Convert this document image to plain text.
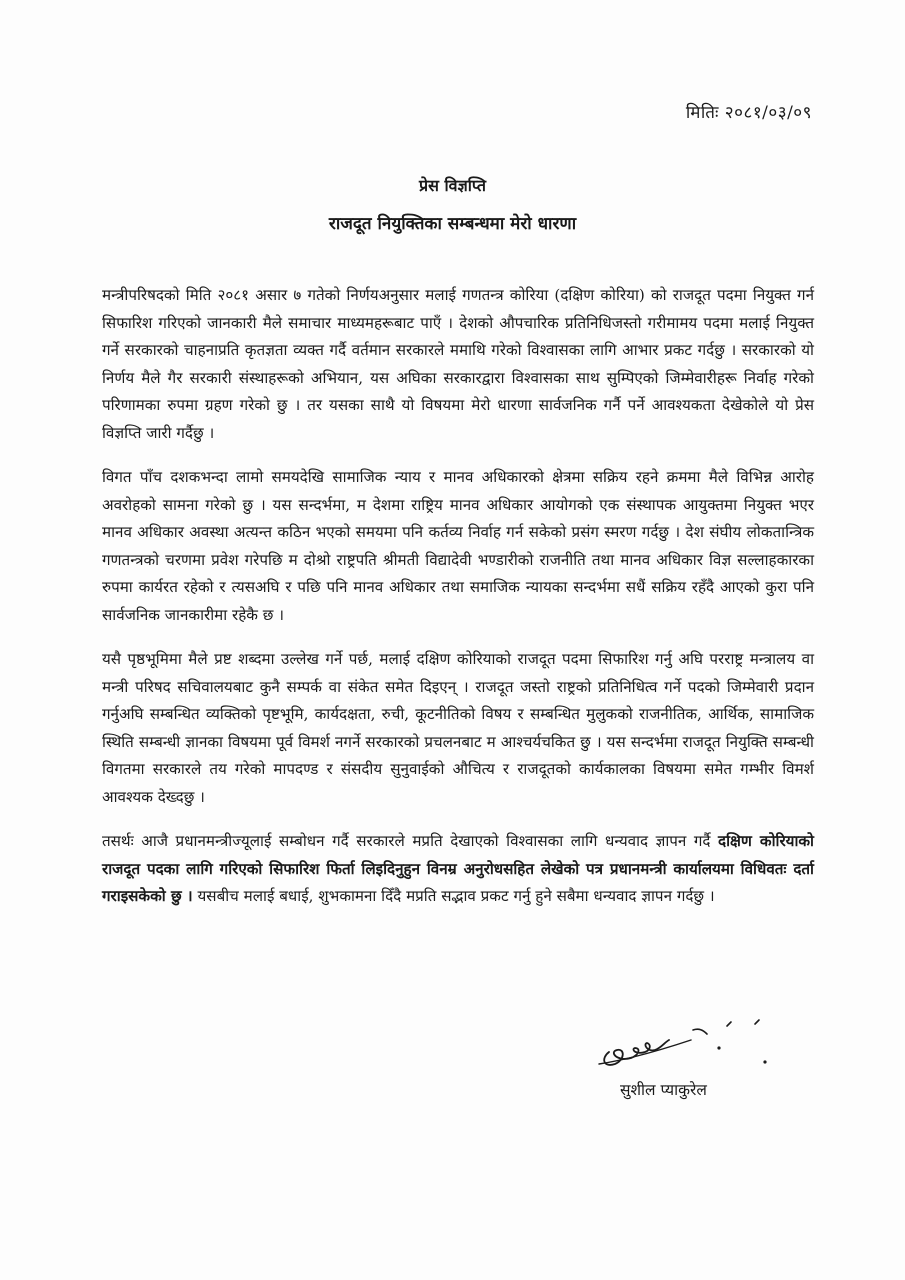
मितिः २०८१/०३/०९
प्रेस विज्ञप्ति
राजदूत नियुक्तिका सम्बन्धमा मेरो धारणा

मन्त्रीपरिषदको मिति २०८१ असार ७ गतेको निर्णयअनुसार मलाई गणतन्त्र कोरिया (दक्षिण कोरिया) को राजदूत पदमा नियुक्त गर्न सिफारिश गरिएको जानकारी मैले समाचार माध्यमहरूबाट पाएँ । देशको औपचारिक प्रतिनिधिजस्तो गरीमामय पदमा मलाई नियुक्त गर्ने सरकारको चाहनाप्रति कृतज्ञता व्यक्त गर्दै वर्तमान सरकारले ममाथि गरेको विश्वासका लागि आभार प्रकट गर्दछु । सरकारको यो निर्णय मैले गैर सरकारी संस्थाहरूको अभियान, यस अघिका सरकारद्वारा विश्वासका साथ सुम्पिएको जिम्मेवारीहरू निर्वाह गरेको परिणामका रुपमा ग्रहण गरेको छु । तर यसका साथै यो विषयमा मेरो धारणा सार्वजनिक गर्नै पर्ने आवश्यकता देखेकोले यो प्रेस विज्ञप्ति जारी गर्दैछु ।

विगत पाँच दशकभन्दा लामो समयदेखि सामाजिक न्याय र मानव अधिकारको क्षेत्रमा सक्रिय रहने क्रममा मैले विभिन्न आरोह अवरोहको सामना गरेको छु । यस सन्दर्भमा, म देशमा राष्ट्रिय मानव अधिकार आयोगको एक संस्थापक आयुक्तमा नियुक्त भएर मानव अधिकार अवस्था अत्यन्त कठिन भएको समयमा पनि कर्तव्य निर्वाह गर्न सकेको प्रसंग स्मरण गर्दछु । देश संघीय लोकतान्त्रिक गणतन्त्रको चरणमा प्रवेश गरेपछि म दोश्रो राष्ट्रपति श्रीमती विद्यादेवी भण्डारीको राजनीति तथा मानव अधिकार विज्ञ सल्लाहकारका रुपमा कार्यरत रहेको र त्यसअघि र पछि पनि मानव अधिकार तथा समाजिक न्यायका सन्दर्भमा सधैं सक्रिय रहँदै आएको कुरा पनि सार्वजनिक जानकारीमा रहेकै छ ।

यसै पृष्ठभूमिमा मैले प्रष्ट शब्दमा उल्लेख गर्ने पर्छ, मलाई दक्षिण कोरियाको राजदूत पदमा सिफारिश गर्नु अघि परराष्ट्र मन्त्रालय वा मन्त्री परिषद सचिवालयबाट कुनै सम्पर्क वा संकेत समेत दिइएन् । राजदूत जस्तो राष्ट्रको प्रतिनिधित्व गर्ने पदको जिम्मेवारी प्रदान गर्नुअघि सम्बन्धित व्यक्तिको पृष्टभूमि, कार्यदक्षता, रुची, कूटनीतिको विषय र सम्बन्धित मुलुकको राजनीतिक, आर्थिक, सामाजिक स्थिति सम्बन्धी ज्ञानका विषयमा पूर्व विमर्श नगर्ने सरकारको प्रचलनबाट म आश्चर्यचकित छु । यस सन्दर्भमा राजदूत नियुक्ति सम्बन्धी विगतमा सरकारले तय गरेको मापदण्ड र संसदीय सुनुवाईको औचित्य र राजदूतको कार्यकालका विषयमा समेत गम्भीर विमर्श आवश्यक देख्दछु ।

तसर्थः आजै प्रधानमन्त्रीज्यूलाई सम्बोधन गर्दै सरकारले मप्रति देखाएको विश्वासका लागि धन्यवाद ज्ञापन गर्दै दक्षिण कोरियाको राजदूत पदका लागि गरिएको सिफारिश फिर्ता लिइदिनुहुन विनम्र अनुरोधसहित लेखेको पत्र प्रधानमन्त्री कार्यालयमा विधिवतः दर्ता गराइसकेको छु । यसबीच मलाई बधाई, शुभकामना दिँदै मप्रति सद्भाव प्रकट गर्नु हुने सबैमा धन्यवाद ज्ञापन गर्दछु ।

सुशील प्याकुरेल
